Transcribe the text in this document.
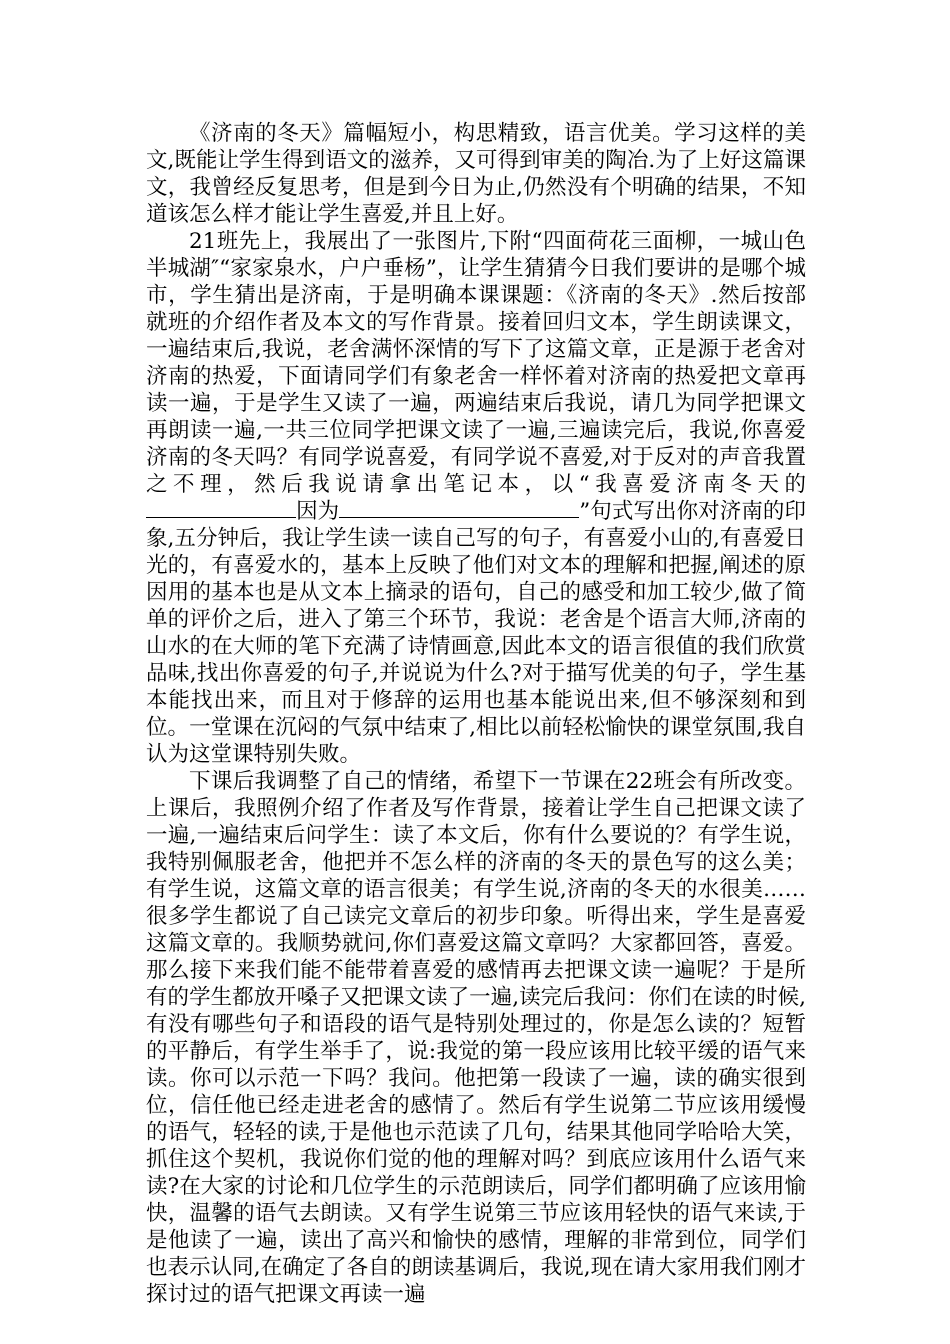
《济南的冬天》篇幅短小，构思精致，语言优美。学习这样的美文,既能让学生得到语文的滋养，又可得到审美的陶冶.为了上好这篇课文，我曾经反复思考，但是到今日为止,仍然没有个明确的结果，不知道该怎么样才能让学生喜爱,并且上好。

21班先上，我展出了一张图片,下附“四面荷花三面柳，一城山色半城湖″“家家泉水，户户垂杨”，让学生猜猜今日我们要讲的是哪个城市，学生猜出是济南，于是明确本课课题：《济南的冬天》.然后按部就班的介绍作者及本文的写作背景。接着回归文本，学生朗读课文，一遍结束后,我说，老舍满怀深情的写下了这篇文章，正是源于老舍对济南的热爱，下面请同学们有象老舍一样怀着对济南的热爱把文章再读一遍，于是学生又读了一遍，两遍结束后我说，请几为同学把课文再朗读一遍,一共三位同学把课文读了一遍,三遍读完后，我说,你喜爱济南的冬天吗？有同学说喜爱，有同学说不喜爱,对于反对的声音我置之不理，然后我说请拿出笔记本，以“我喜爱济南冬天的因为	”句式写出你对济南的印象,五分钟后，我让学生读一读自己写的句子，有喜爱小山的,有喜爱日光的，有喜爱水的，基本上反映了他们对文本的理解和把握,阐述的原因用的基本也是从文本上摘录的语句，自己的感受和加工较少,做了简单的评价之后，进入了第三个环节，我说：老舍是个语言大师,济南的山水的在大师的笔下充满了诗情画意,因此本文的语言很值的我们欣赏品味,找出你喜爱的句子,并说说为什么?对于描写优美的句子，学生基本能找出来，而且对于修辞的运用也基本能说出来,但不够深刻和到位。一堂课在沉闷的气氛中结束了,相比以前轻松愉快的课堂氛围,我自认为这堂课特别失败。

下课后我调整了自己的情绪，希望下一节课在22班会有所改变。上课后，我照例介绍了作者及写作背景，接着让学生自己把课文读了一遍,一遍结束后问学生：读了本文后，你有什么要说的？有学生说，我特别佩服老舍，他把并不怎么样的济南的冬天的景色写的这么美；有学生说，这篇文章的语言很美；有学生说,济南的冬天的水很美……很多学生都说了自己读完文章后的初步印象。听得出来，学生是喜爱这篇文章的。我顺势就问,你们喜爱这篇文章吗？大家都回答，喜爱。那么接下来我们能不能带着喜爱的感情再去把课文读一遍呢？于是所有的学生都放开嗓子又把课文读了一遍,读完后我问：你们在读的时候,有没有哪些句子和语段的语气是特别处理过的，你是怎么读的？短暂的平静后，有学生举手了，说:我觉的第一段应该用比较平缓的语气来读。你可以示范一下吗？我问。他把第一段读了一遍，读的确实很到位，信任他已经走进老舍的感情了。然后有学生说第二节应该用缓慢的语气，轻轻的读,于是他也示范读了几句，结果其他同学哈哈大笑，抓住这个契机，我说你们觉的他的理解对吗？到底应该用什么语气来读?在大家的讨论和几位学生的示范朗读后，同学们都明确了应该用愉快，温馨的语气去朗读。又有学生说第三节应该用轻快的语气来读,于是他读了一遍，读出了高兴和愉快的感情，理解的非常到位，同学们也表示认同,在确定了各自的朗读基调后，我说,现在请大家用我们刚才探讨过的语气把课文再读一遍
